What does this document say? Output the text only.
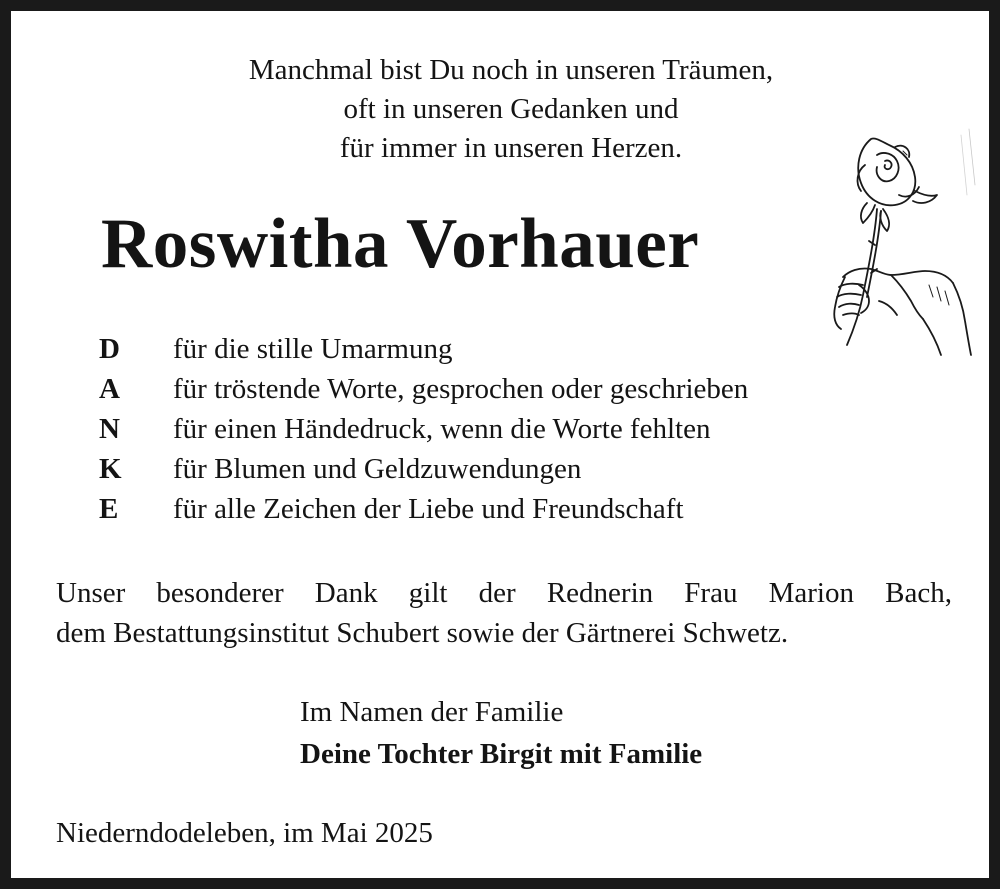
Manchmal bist Du noch in unseren Träumen,
oft in unseren Gedanken und
für immer in unseren Herzen.
Roswitha Vorhauer
D	für die stille Umarmung
A	für tröstende Worte, gesprochen oder geschrieben
N	für einen Händedruck, wenn die Worte fehlten
K	für Blumen und Geldzuwendungen
E	für alle Zeichen der Liebe und Freundschaft
Unser besonderer Dank gilt der Rednerin Frau Marion Bach,
dem Bestattungsinstitut Schubert sowie der Gärtnerei Schwetz.
Im Namen der Familie
Deine Tochter Birgit mit Familie
Niederndodeleben, im Mai 2025
